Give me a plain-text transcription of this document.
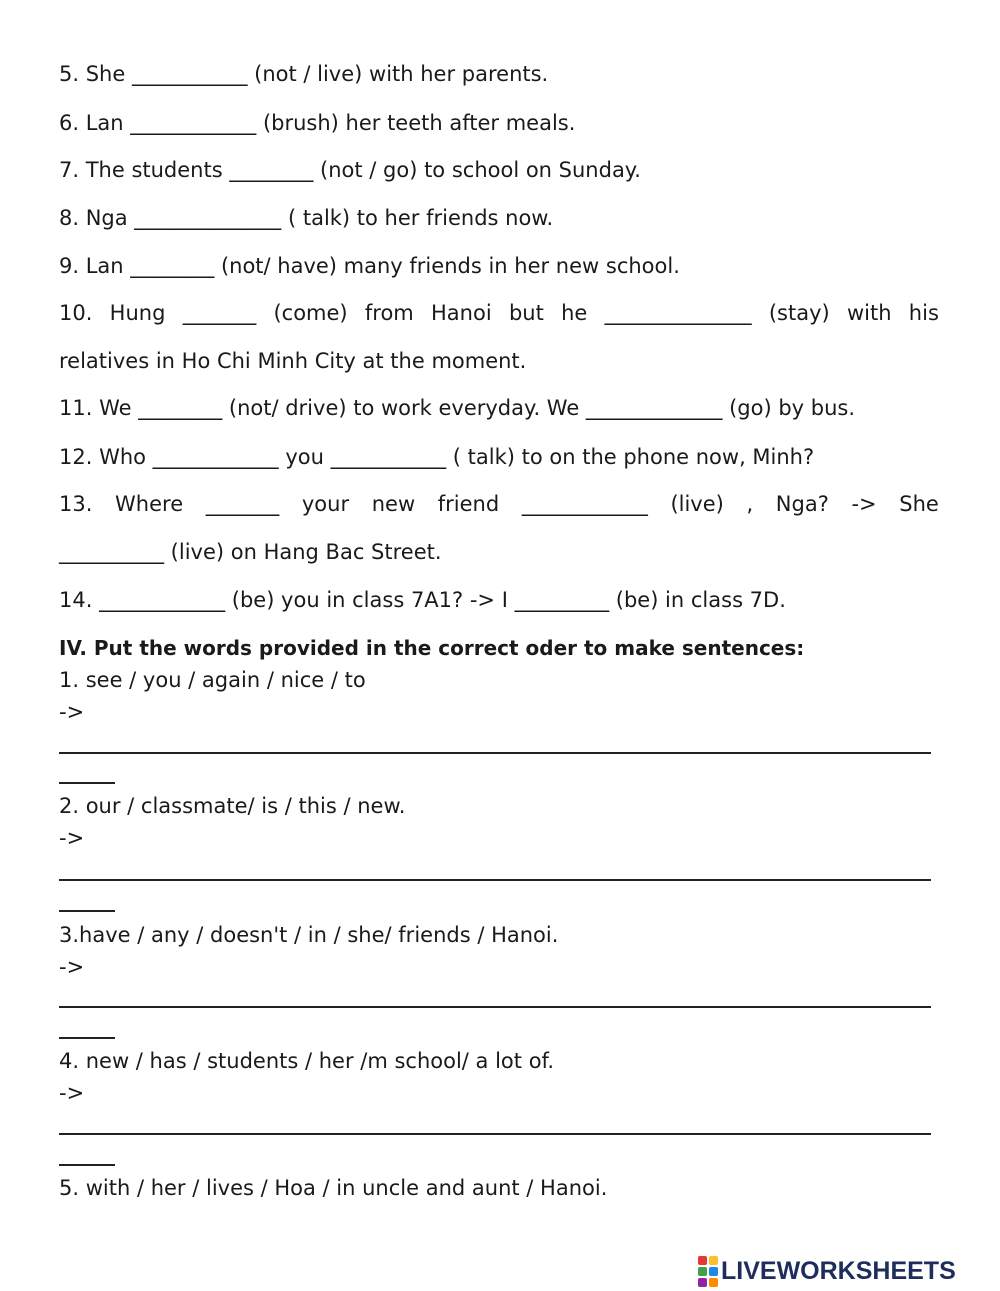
5. She ___________ (not / live) with her parents.
6. Lan ____________ (brush) her teeth after meals.
7. The students ________ (not / go) to school on Sunday.
8. Nga ______________ ( talk) to her friends now.
9. Lan ________ (not/ have) many friends in her new school.
10. Hung _______ (come) from Hanoi but he ______________ (stay) with his
relatives in Ho Chi Minh City at the moment.
11. We ________ (not/ drive) to work everyday. We _____________ (go) by bus.
12. Who ____________ you ___________ ( talk) to on the phone now, Minh?
13. Where _______ your new friend ____________ (live) , Nga? -> She
__________ (live) on Hang Bac Street.
14. ____________ (be) you in class 7A1? -> I _________ (be) in class 7D.
IV. Put the words provided in the correct oder to make sentences:
1. see / you / again / nice / to
->
2. our / classmate/ is / this / new.
->
3.have / any / doesn't / in / she/ friends / Hanoi.
->
4. new / has / students / her /m school/ a lot of.
->
5. with / her / lives / Hoa / in uncle and aunt / Hanoi.
LIVEWORKSHEETS
